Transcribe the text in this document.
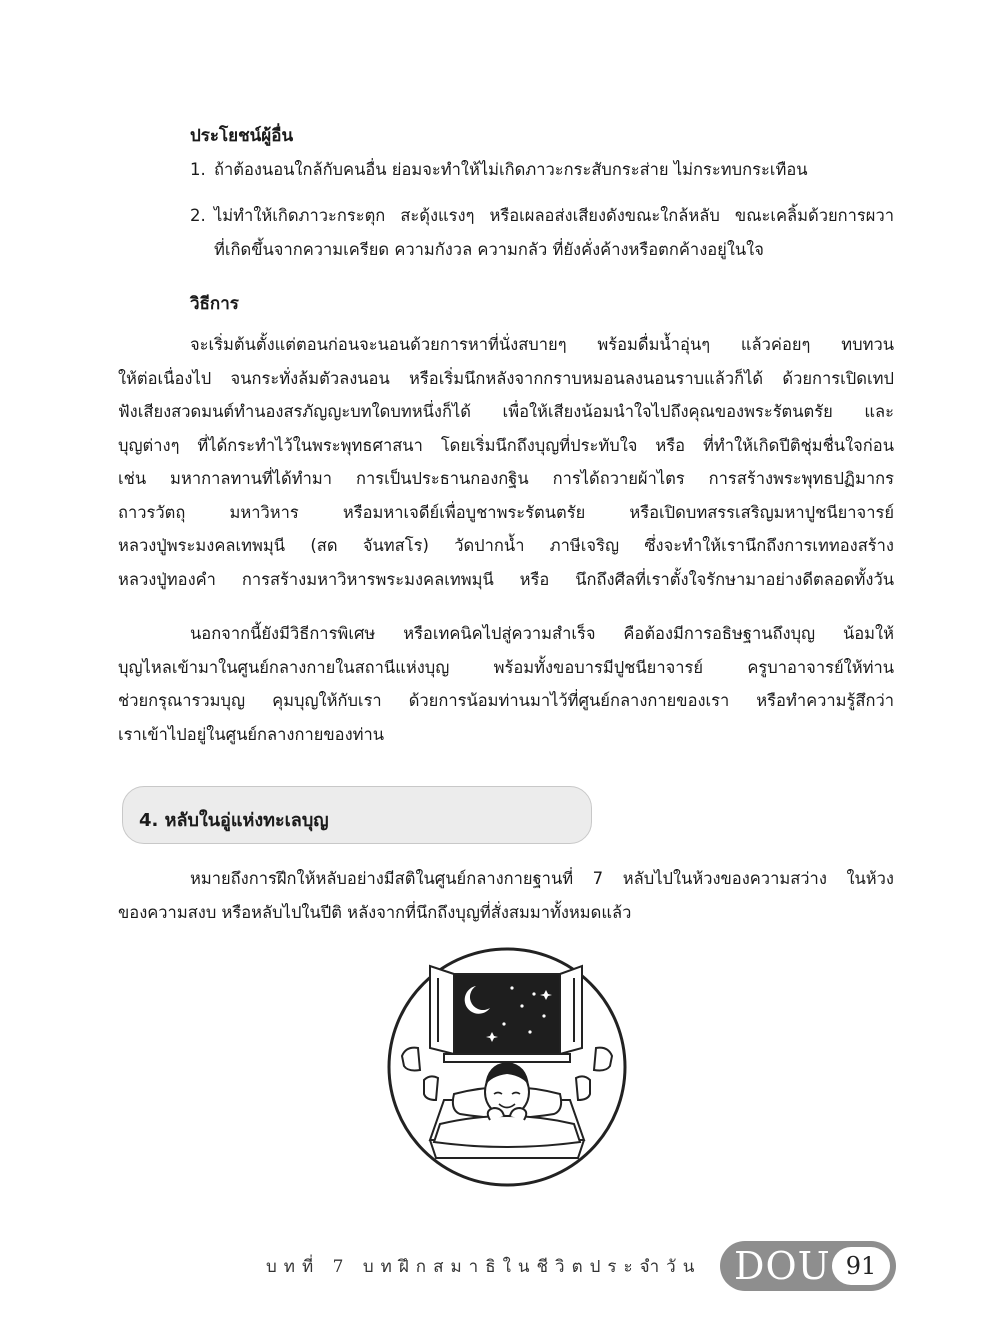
ประโยชน์ผู้อื่น
1. ถ้าต้องนอนใกล้กับคนอื่น ย่อมจะทำให้ไม่เกิดภาวะกระสับกระส่าย ไม่กระทบกระเทือน
2. ไม่ทำให้เกิดภาวะกระตุก สะดุ้งแรงๆ หรือเผลอส่งเสียงดังขณะใกล้หลับ ขณะเคลิ้มด้วยการผวา
ที่เกิดขึ้นจากความเครียด ความกังวล ความกลัว ที่ยังคั่งค้างหรือตกค้างอยู่ในใจ
วิธีการ
จะเริ่มต้นตั้งแต่ตอนก่อนจะนอนด้วยการหาที่นั่งสบายๆ พร้อมดื่มน้ำอุ่นๆ แล้วค่อยๆ ทบทวน
ให้ต่อเนื่องไป จนกระทั่งล้มตัวลงนอน หรือเริ่มนึกหลังจากกราบหมอนลงนอนราบแล้วก็ได้ ด้วยการเปิดเทป
ฟังเสียงสวดมนต์ทำนองสรภัญญะบทใดบทหนึ่งก็ได้ เพื่อให้เสียงน้อมนำใจไปถึงคุณของพระรัตนตรัย และ
บุญต่างๆ ที่ได้กระทำไว้ในพระพุทธศาสนา โดยเริ่มนึกถึงบุญที่ประทับใจ หรือ ที่ทำให้เกิดปีติชุ่มชื่นใจก่อน
เช่น มหากาลทานที่ได้ทำมา การเป็นประธานกองกฐิน การได้ถวายผ้าไตร การสร้างพระพุทธปฏิมากร
ถาวรวัตถุ มหาวิหาร หรือมหาเจดีย์เพื่อบูชาพระรัตนตรัย หรือเปิดบทสรรเสริญมหาปูชนียาจารย์
หลวงปู่พระมงคลเทพมุนี (สด จันทสโร) วัดปากน้ำ ภาษีเจริญ ซึ่งจะทำให้เรานึกถึงการเททองสร้าง
หลวงปู่ทองคำ การสร้างมหาวิหารพระมงคลเทพมุนี หรือ นึกถึงศีลที่เราตั้งใจรักษามาอย่างดีตลอดทั้งวัน
นอกจากนี้ยังมีวิธีการพิเศษ หรือเทคนิคไปสู่ความสำเร็จ คือต้องมีการอธิษฐานถึงบุญ น้อมให้
บุญไหลเข้ามาในศูนย์กลางกายในสถานีแห่งบุญ พร้อมทั้งขอบารมีปูชนียาจารย์ ครูบาอาจารย์ให้ท่าน
ช่วยกรุณารวมบุญ คุมบุญให้กับเรา ด้วยการน้อมท่านมาไว้ที่ศูนย์กลางกายของเรา หรือทำความรู้สึกว่า
เราเข้าไปอยู่ในศูนย์กลางกายของท่าน
4. หลับในอู่แห่งทะเลบุญ
หมายถึงการฝึกให้หลับอย่างมีสติในศูนย์กลางกายฐานที่ 7 หลับไปในห้วงของความสว่าง ในห้วง
ของความสงบ หรือหลับไปในปีติ หลังจากที่นึกถึงบุญที่สั่งสมมาทั้งหมดแล้ว
บทที่ 7 บทฝึกสมาธิในชีวิตประจำวัน DOU 91
